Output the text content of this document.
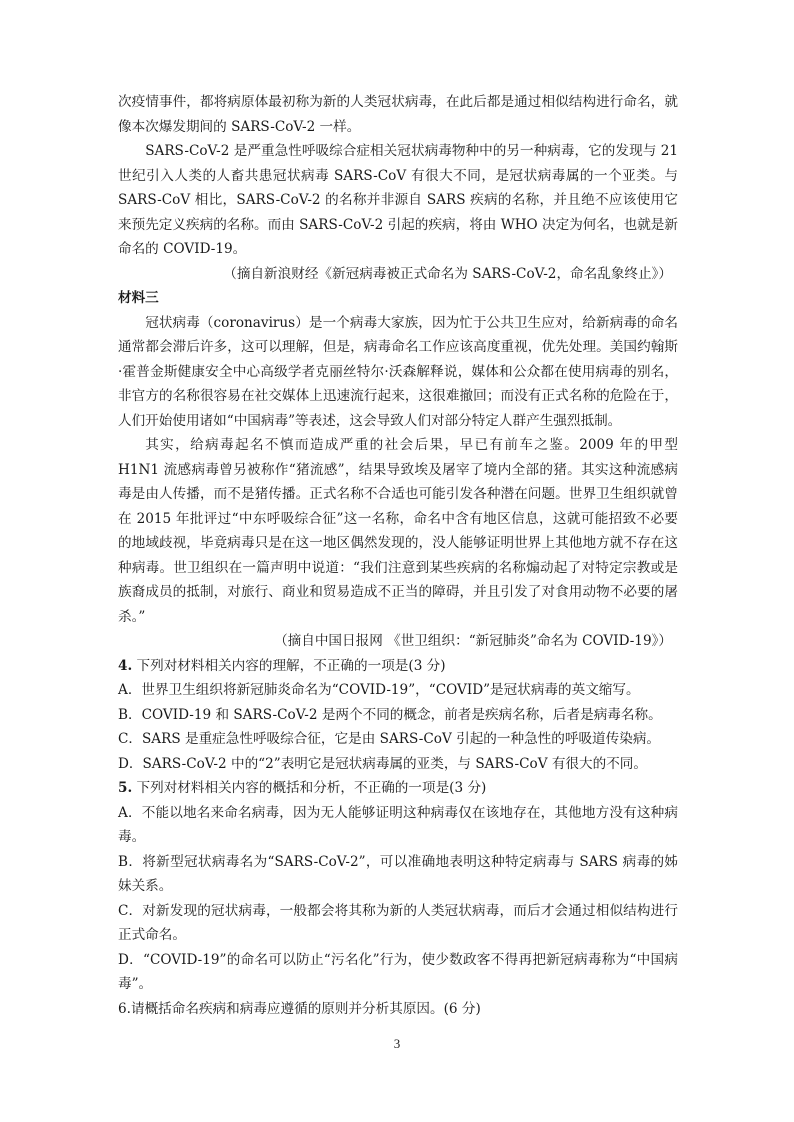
次疫情事件，都将病原体最初称为新的人类冠状病毒，在此后都是通过相似结构进行命名，就像本次爆发期间的 SARS-CoV-2 一样。

SARS-CoV-2 是严重急性呼吸综合症相关冠状病毒物种中的另一种病毒，它的发现与 21 世纪引入人类的人畜共患冠状病毒 SARS-CoV 有很大不同，是冠状病毒属的一个亚类。与 SARS-CoV 相比，SARS-CoV-2 的名称并非源自 SARS 疾病的名称，并且绝不应该使用它来预先定义疾病的名称。而由 SARS-CoV-2 引起的疾病，将由 WHO 决定为何名，也就是新命名的 COVID-19。

（摘自新浪财经《新冠病毒被正式命名为 SARS-CoV-2，命名乱象终止》）

材料三

冠状病毒（coronavirus）是一个病毒大家族，因为忙于公共卫生应对，给新病毒的命名通常都会滞后许多，这可以理解，但是，病毒命名工作应该高度重视，优先处理。美国约翰斯·霍普金斯健康安全中心高级学者克丽丝特尔·沃森解释说，媒体和公众都在使用病毒的别名，非官方的名称很容易在社交媒体上迅速流行起来，这很难撤回；而没有正式名称的危险在于，人们开始使用诸如“中国病毒”等表述，这会导致人们对部分特定人群产生强烈抵制。

其实，给病毒起名不慎而造成严重的社会后果，早已有前车之鉴。2009 年的甲型 H1N1 流感病毒曾另被称作“猪流感”，结果导致埃及屠宰了境内全部的猪。其实这种流感病毒是由人传播，而不是猪传播。正式名称不合适也可能引发各种潜在问题。世界卫生组织就曾在 2015 年批评过“中东呼吸综合征”这一名称，命名中含有地区信息，这就可能招致不必要的地域歧视，毕竟病毒只是在这一地区偶然发现的，没人能够证明世界上其他地方就不存在这种病毒。世卫组织在一篇声明中说道：“我们注意到某些疾病的名称煽动起了对特定宗教或是族裔成员的抵制，对旅行、商业和贸易造成不正当的障碍，并且引发了对食用动物不必要的屠杀。”

（摘自中国日报网 《世卫组织：“新冠肺炎”命名为 COVID-19》）

4. 下列对材料相关内容的理解，不正确的一项是(3 分)

A．世界卫生组织将新冠肺炎命名为“COVID-19”，“COVID”是冠状病毒的英文缩写。

B．COVID-19 和 SARS-CoV-2 是两个不同的概念，前者是疾病名称，后者是病毒名称。

C．SARS 是重症急性呼吸综合征，它是由 SARS-CoV 引起的一种急性的呼吸道传染病。

D．SARS-CoV-2 中的“2”表明它是冠状病毒属的亚类，与 SARS-CoV 有很大的不同。

5. 下列对材料相关内容的概括和分析，不正确的一项是(3 分)

A．不能以地名来命名病毒，因为无人能够证明这种病毒仅在该地存在，其他地方没有这种病毒。

B．将新型冠状病毒名为“SARS-CoV-2”，可以准确地表明这种特定病毒与 SARS 病毒的姊妹关系。

C．对新发现的冠状病毒，一般都会将其称为新的人类冠状病毒，而后才会通过相似结构进行正式命名。

D．“COVID-19”的命名可以防止“污名化”行为，使少数政客不得再把新冠病毒称为“中国病毒”。

6.请概括命名疾病和病毒应遵循的原则并分析其原因。(6 分)

3
